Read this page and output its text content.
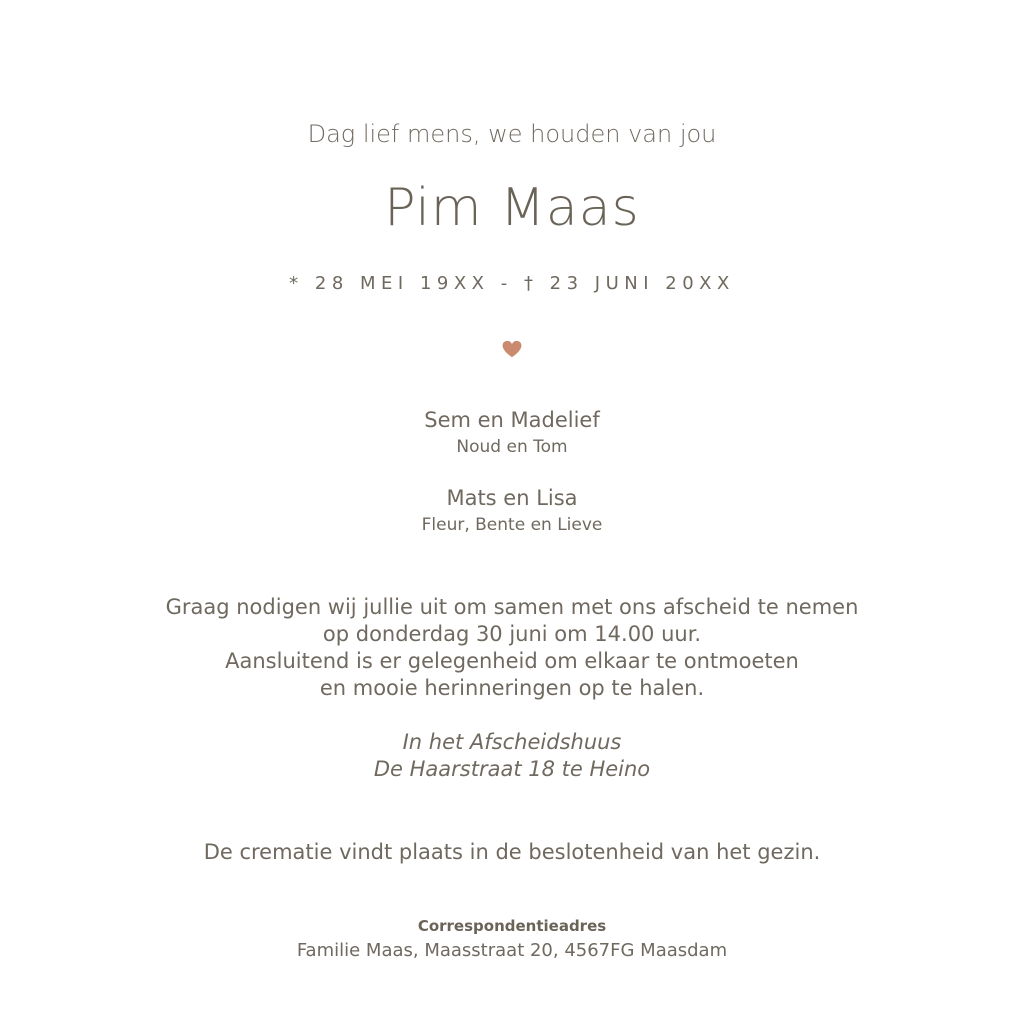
Dag lief mens, we houden van jou
Pim Maas
* 28 MEI 19XX - † 23 JUNI 20XX
Sem en Madelief
Noud en Tom
Mats en Lisa
Fleur, Bente en Lieve
Graag nodigen wij jullie uit om samen met ons afscheid te nemen
op donderdag 30 juni om 14.00 uur.
Aansluitend is er gelegenheid om elkaar te ontmoeten
en mooie herinneringen op te halen.
In het Afscheidshuus
De Haarstraat 18 te Heino
De crematie vindt plaats in de beslotenheid van het gezin.
Correspondentieadres
Familie Maas, Maasstraat 20, 4567FG Maasdam
